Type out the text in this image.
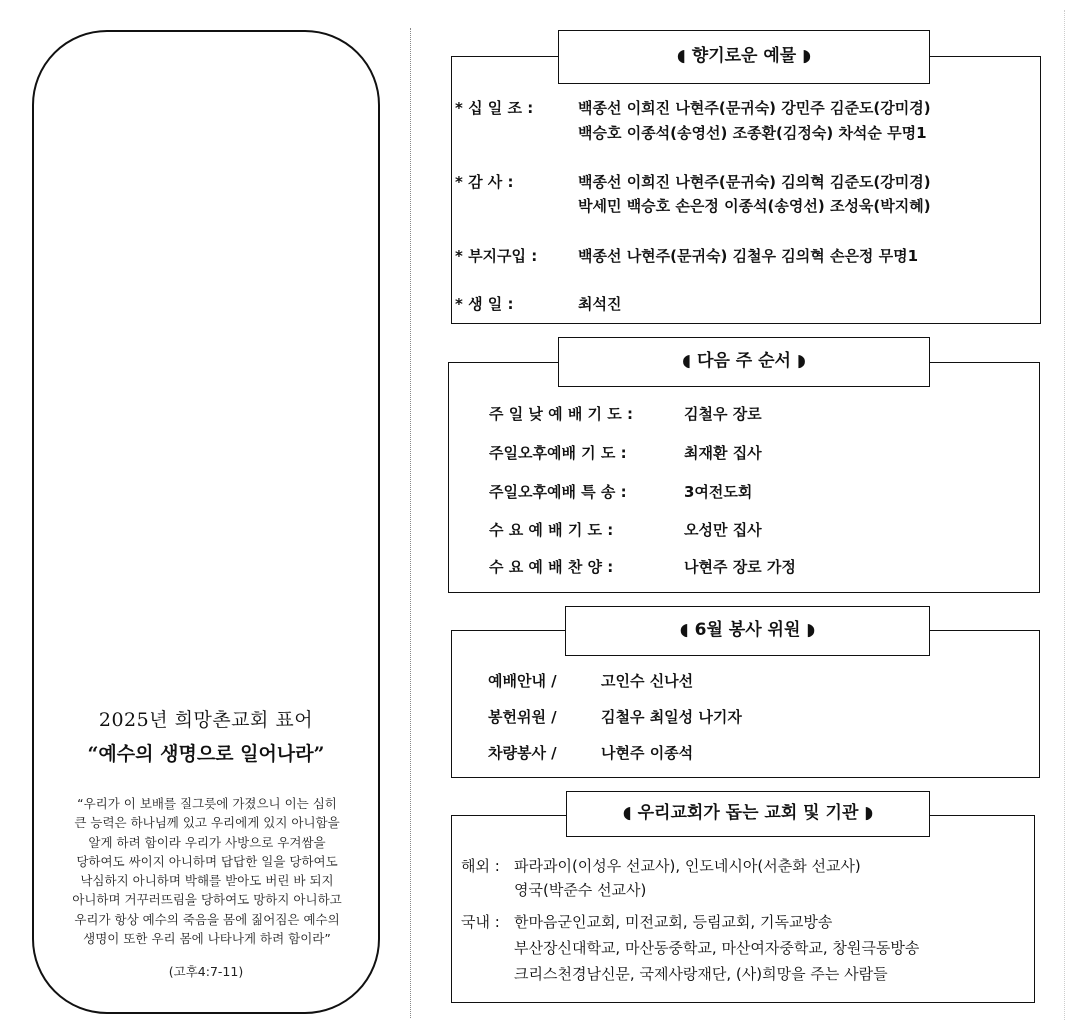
2025년 희망촌교회 표어
“예수의 생명으로 일어나라”
“우리가 이 보배를 질그릇에 가졌으니 이는 심히
큰 능력은 하나님께 있고 우리에게 있지 아니함을
알게 하려 함이라 우리가 사방으로 우겨쌈을
당하여도 싸이지 아니하며 답답한 일을 당하여도
낙심하지 아니하며 박해를 받아도 버린 바 되지
아니하며 거꾸러뜨림을 당하여도 망하지 아니하고
우리가 항상 예수의 죽음을 몸에 짊어짐은 예수의
생명이 또한 우리 몸에 나타나게 하려 함이라”
(고후4:7-11)
◖ 향기로운 예물 ◗
* 십 일 조 :	백종선 이희진 나현주(문귀숙) 강민주 김준도(강미경)
백승호 이종석(송영선) 조종환(김정숙) 차석순 무명1
* 감 사 :	백종선 이희진 나현주(문귀숙) 김의혁 김준도(강미경)
박세민 백승호 손은정 이종석(송영선) 조성욱(박지혜)
* 부지구입 :	백종선 나현주(문귀숙) 김철우 김의혁 손은정 무명1
* 생 일 :	최석진
◖ 다음 주 순서 ◗
주 일 낮 예 배 기 도 :	김철우 장로
주일오후예배 기 도 :	최재환 집사
주일오후예배 특 송 :	3여전도회
수 요 예 배 기 도 :	오성만 집사
수 요 예 배 찬 양 :	나현주 장로 가정
◖ 6월 봉사 위원 ◗
예배안내 /	고인수 신나선
봉헌위원 /	김철우 최일성 나기자
차량봉사 /	나현주 이종석
◖ 우리교회가 돕는 교회 및 기관 ◗
해외 : 파라과이(이성우 선교사), 인도네시아(서춘화 선교사)
영국(박준수 선교사)
국내 : 한마음군인교회, 미전교회, 등림교회, 기독교방송
부산장신대학교, 마산동중학교, 마산여자중학교, 창원극동방송
크리스천경남신문, 국제사랑재단, (사)희망을 주는 사람들
